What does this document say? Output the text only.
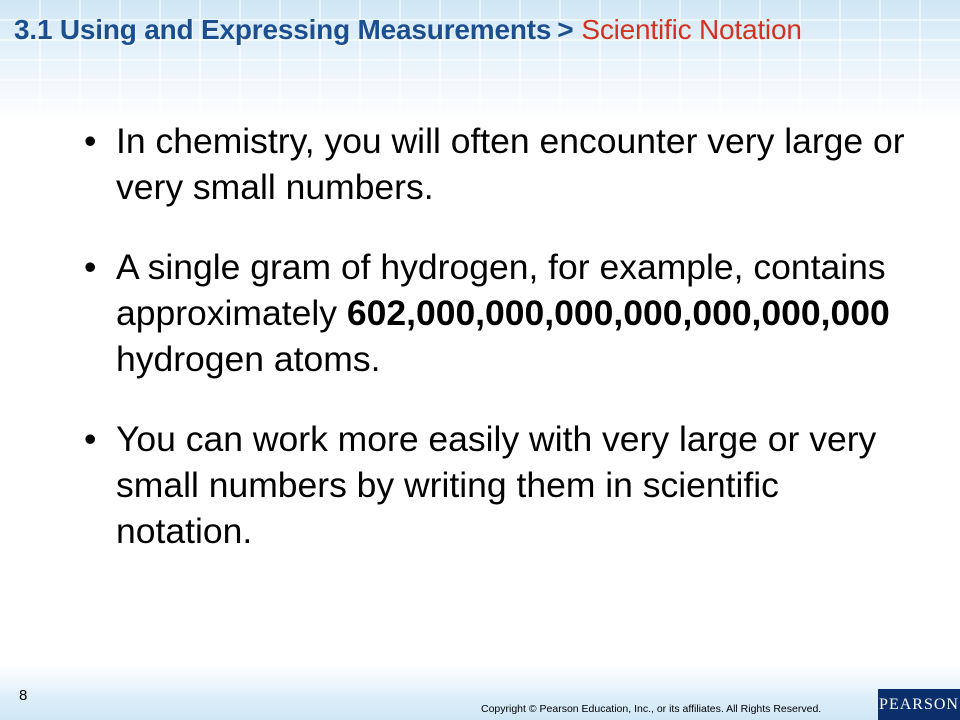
3.1 Using and Expressing Measurements > Scientific Notation
• In chemistry, you will often encounter very large or very small numbers.
• A single gram of hydrogen, for example, contains approximately 602,000,000,000,000,000,000,000 hydrogen atoms.
• You can work more easily with very large or very small numbers by writing them in scientific notation.
8
Copyright © Pearson Education, Inc., or its affiliates. All Rights Reserved.	PEARSON
